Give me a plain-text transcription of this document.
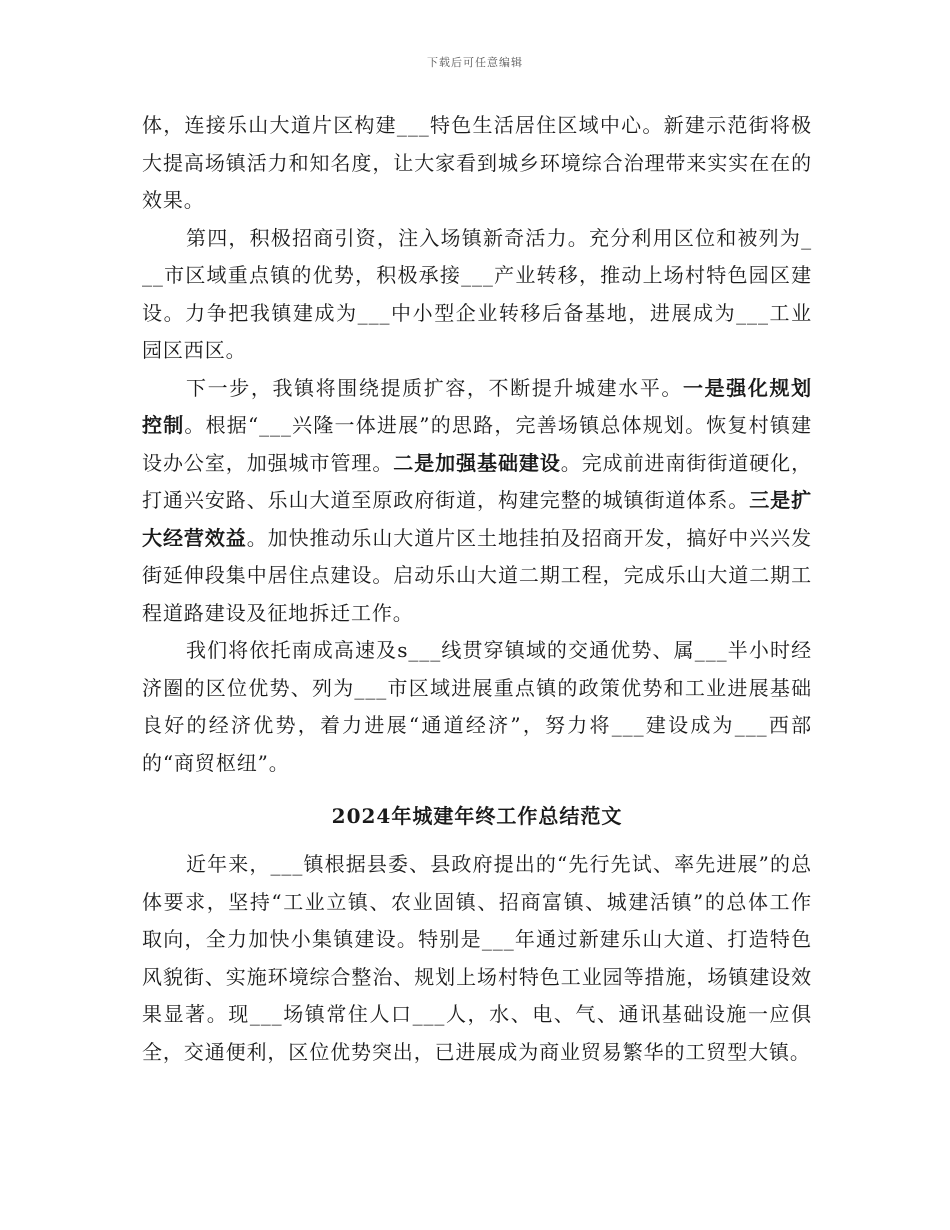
下载后可任意编辑

体，连接乐山大道片区构建___特色生活居住区域中心。新建示范街将极大提高场镇活力和知名度，让大家看到城乡环境综合治理带来实实在在的效果。

第四，积极招商引资，注入场镇新奇活力。充分利用区位和被列为___市区域重点镇的优势，积极承接___产业转移，推动上场村特色园区建设。力争把我镇建成为___中小型企业转移后备基地，进展成为___工业园区西区。

下一步，我镇将围绕提质扩容，不断提升城建水平。一是强化规划控制。根据“___兴隆一体进展”的思路，完善场镇总体规划。恢复村镇建设办公室，加强城市管理。二是加强基础建设。完成前进南街街道硬化，打通兴安路、乐山大道至原政府街道，构建完整的城镇街道体系。三是扩大经营效益。加快推动乐山大道片区土地挂拍及招商开发，搞好中兴兴发街延伸段集中居住点建设。启动乐山大道二期工程，完成乐山大道二期工程道路建设及征地拆迁工作。

我们将依托南成高速及s___线贯穿镇域的交通优势、属___半小时经济圈的区位优势、列为___市区域进展重点镇的政策优势和工业进展基础良好的经济优势，着力进展“通道经济”，努力将___建设成为___西部的“商贸枢纽”。

2024年城建年终工作总结范文

近年来，___镇根据县委、县政府提出的“先行先试、率先进展”的总体要求，坚持“工业立镇、农业固镇、招商富镇、城建活镇”的总体工作取向，全力加快小集镇建设。特别是___年通过新建乐山大道、打造特色风貌街、实施环境综合整治、规划上场村特色工业园等措施，场镇建设效果显著。现___场镇常住人口___人，水、电、气、通讯基础设施一应俱全，交通便利，区位优势突出，已进展成为商业贸易繁华的工贸型大镇。
